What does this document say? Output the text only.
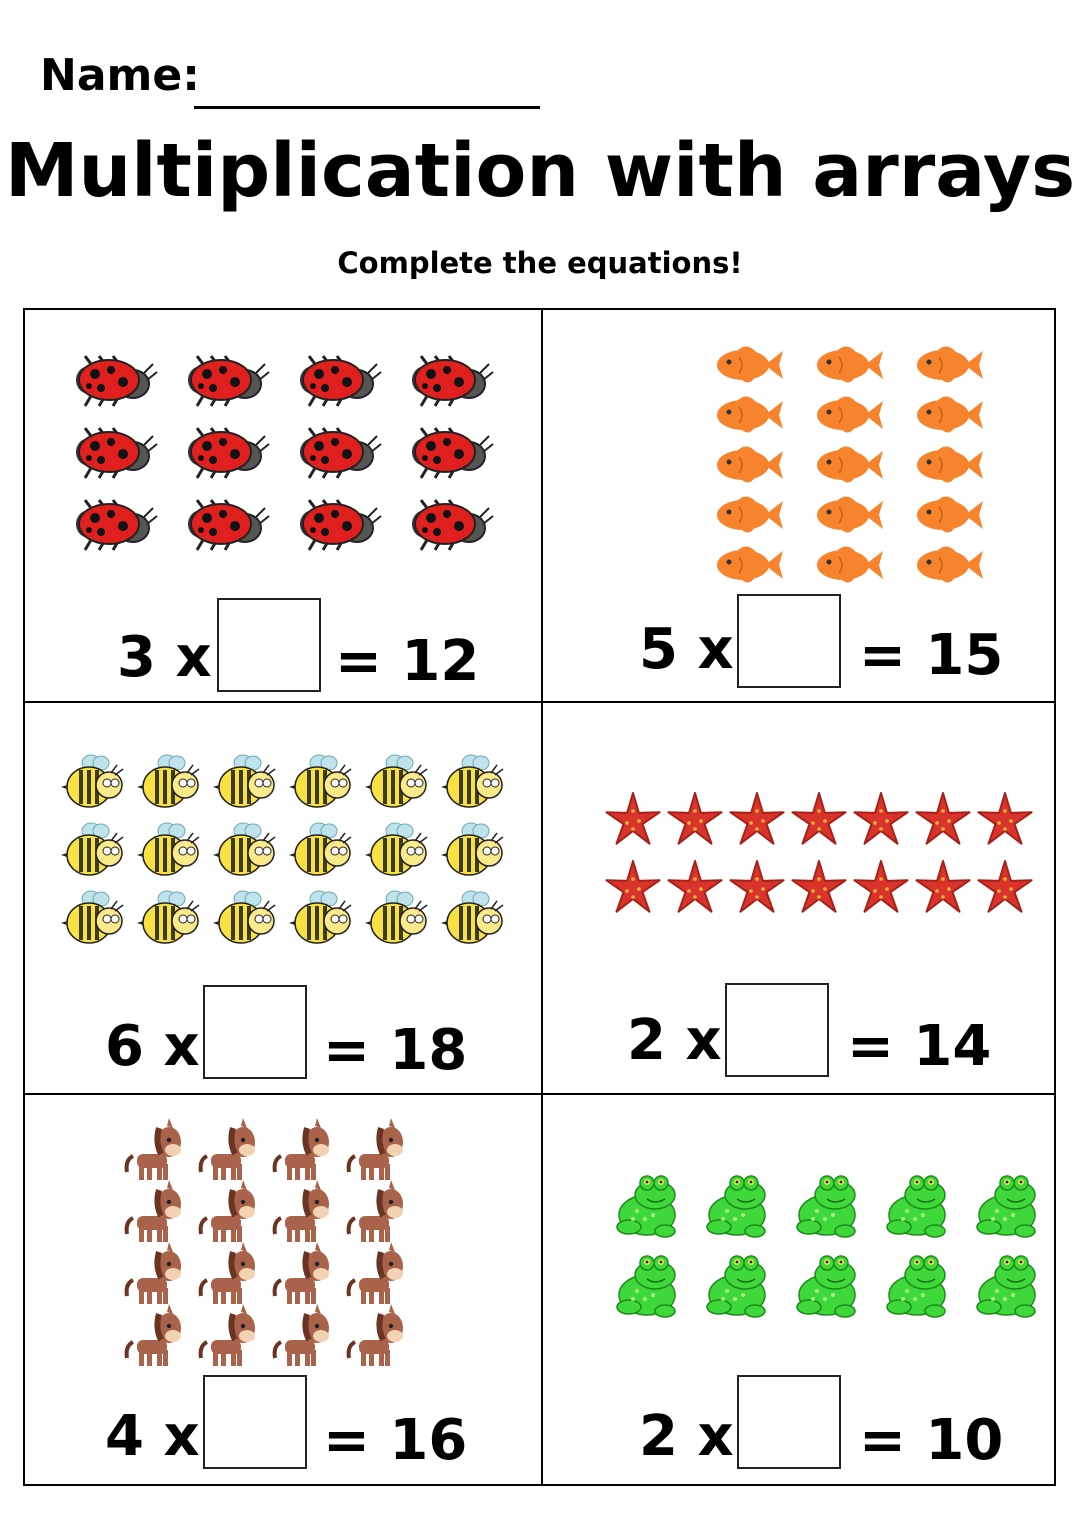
Name:
Multiplication with arrays
Complete the equations!
3 x = 12	5 x = 15
6 x = 18	2 x = 14
4 x = 16	2 x = 10
